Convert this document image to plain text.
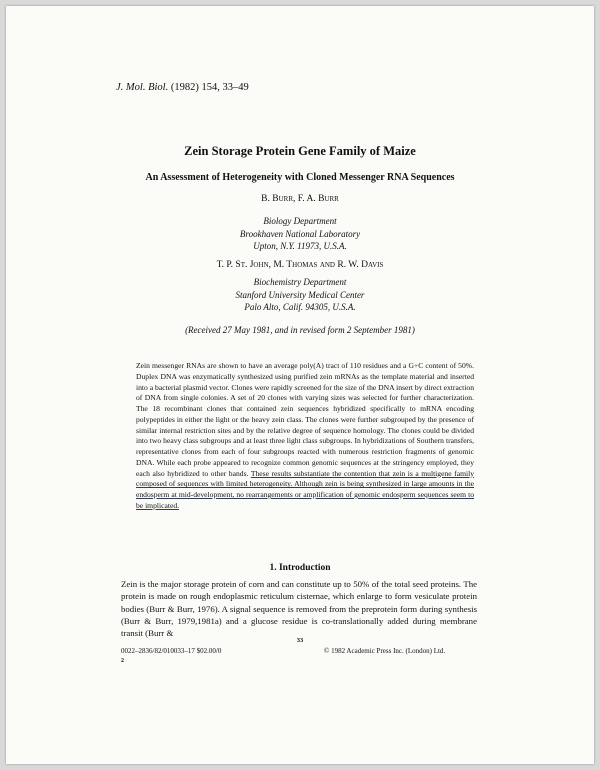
J. Mol. Biol. (1982) 154, 33–49
Zein Storage Protein Gene Family of Maize
An Assessment of Heterogeneity with Cloned Messenger RNA Sequences
B. Burr, F. A. Burr
Biology Department
Brookhaven National Laboratory
Upton, N.Y. 11973, U.S.A.
T. P. St. John, M. Thomas and R. W. Davis
Biochemistry Department
Stanford University Medical Center
Palo Alto, Calif. 94305, U.S.A.
(Received 27 May 1981, and in revised form 2 September 1981)
Zein messenger RNAs are shown to have an average poly(A) tract of 110 residues and a G+C content of 50%. Duplex DNA was enzymatically synthesized using purified zein mRNAs as the template material and inserted into a bacterial plasmid vector. Clones were rapidly screened for the size of the DNA insert by direct extraction of DNA from single colonies. A set of 20 clones with varying sizes was selected for further characterization. The 18 recombinant clones that contained zein sequences hybridized specifically to mRNA encoding polypeptides in either the light or the heavy zein class. The clones were further subgrouped by the presence of similar internal restriction sites and by the relative degree of sequence homology. The clones could be divided into two heavy class subgroups and at least three light class subgroups. In hybridizations of Southern transfers, representative clones from each of four subgroups reacted with numerous restriction fragments of genomic DNA. While each probe appeared to recognize common genomic sequences at the stringency employed, they each also hybridized to other bands. These results substantiate the contention that zein is a multigene family composed of sequences with limited heterogeneity. Although zein is being synthesized in large amounts in the endosperm at mid-development, no rearrangements or amplification of genomic endosperm sequences seem to be implicated.
1. Introduction
Zein is the major storage protein of corn and can constitute up to 50% of the total seed proteins. The protein is made on rough endoplasmic reticulum cisternae, which enlarge to form vesiculate protein bodies (Burr & Burr, 1976). A signal sequence is removed from the preprotein form during synthesis (Burr & Burr, 1979,1981a) and a glucose residue is co-translationally added during membrane transit (Burr &
33
0022–2836/82/010033–17 $02.00/0	© 1982 Academic Press Inc. (London) Ltd.
2
